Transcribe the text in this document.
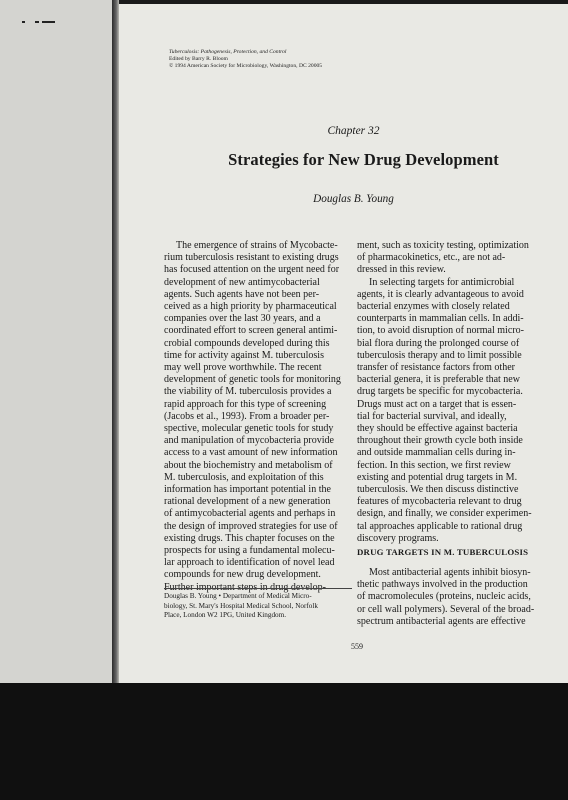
Tuberculosis: Pathogenesis, Protection, and Control
Edited by Barry R. Bloom
© 1994 American Society for Microbiology, Washington, DC 20005
Chapter 32
Strategies for New Drug Development
Douglas B. Young
The emergence of strains of Mycobacte-
rium tuberculosis resistant to existing drugs
has focused attention on the urgent need for
development of new antimycobacterial
agents. Such agents have not been per-
ceived as a high priority by pharmaceutical
companies over the last 30 years, and a
coordinated effort to screen general antimi-
crobial compounds developed during this
time for activity against M. tuberculosis
may well prove worthwhile. The recent
development of genetic tools for monitoring
the viability of M. tuberculosis provides a
rapid approach for this type of screening
(Jacobs et al., 1993). From a broader per-
spective, molecular genetic tools for study
and manipulation of mycobacteria provide
access to a vast amount of new information
about the biochemistry and metabolism of
M. tuberculosis, and exploitation of this
information has important potential in the
rational development of a new generation
of antimycobacterial agents and perhaps in
the design of improved strategies for use of
existing drugs. This chapter focuses on the
prospects for using a fundamental molecu-
lar approach to identification of novel lead
compounds for new drug development.
ment, such as toxicity testing, optimization
of pharmacokinetics, etc., are not ad-
dressed in this review.
In selecting targets for antimicrobial
agents, it is clearly advantageous to avoid
bacterial enzymes with closely related
counterparts in mammalian cells. In addi-
tion, to avoid disruption of normal micro-
bial flora during the prolonged course of
tuberculosis therapy and to limit possible
transfer of resistance factors from other
bacterial genera, it is preferable that new
drug targets be specific for mycobacteria.
Drugs must act on a target that is essen-
tial for bacterial survival, and ideally,
they should be effective against bacteria
throughout their growth cycle both inside
and outside mammalian cells during in-
fection. In this section, we first review
existing and potential drug targets in M.
tuberculosis. We then discuss distinctive
features of mycobacteria relevant to drug
design, and finally, we consider experimen-
tal approaches applicable to rational drug
discovery programs.
DRUG TARGETS IN M. TUBERCULOSIS
Most antibacterial agents inhibit biosyn-
thetic pathways involved in the production
of macromolecules (proteins, nucleic acids,
or cell wall polymers). Several of the broad-
spectrum antibacterial agents are effective
Douglas B. Young • Department of Medical Micro-
biology, St. Mary's Hospital Medical School, Norfolk
Place, London W2 1PG, United Kingdom.
559
